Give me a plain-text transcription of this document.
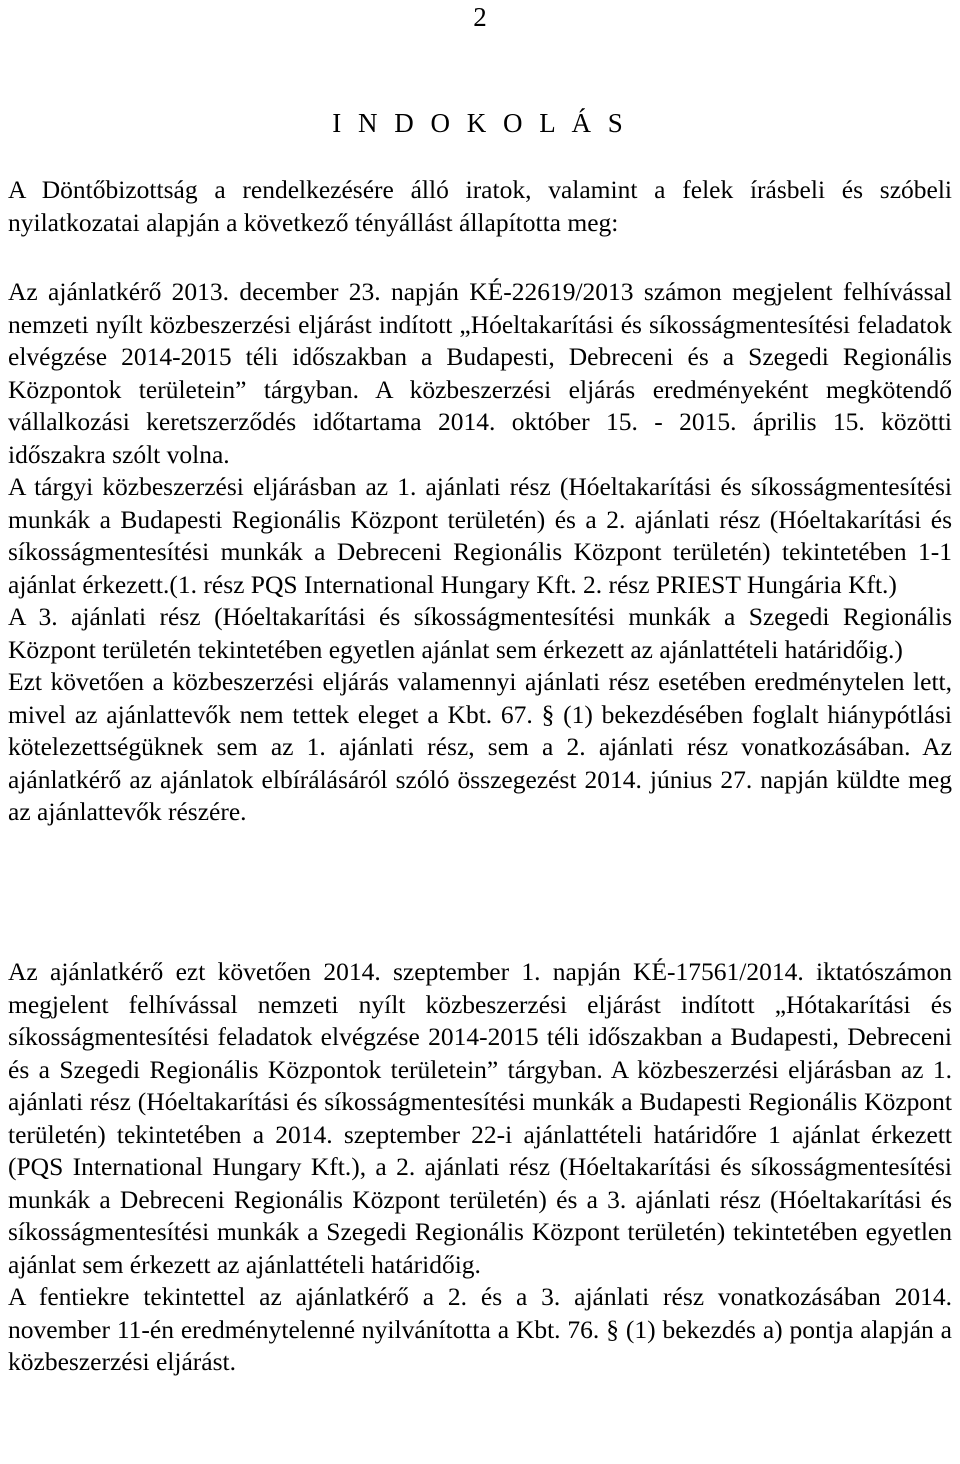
2
I N D O K O L Á S

A Döntőbizottság a rendelkezésére álló iratok, valamint a felek írásbeli és szóbeli nyilatkozatai alapján a következő tényállást állapította meg:

Az ajánlatkérő 2013. december 23. napján KÉ-22619/2013 számon megjelent felhívással nemzeti nyílt közbeszerzési eljárást indított „Hóeltakarítási és síkosságmentesítési feladatok elvégzése 2014-2015 téli időszakban a Budapesti, Debreceni és a Szegedi Regionális Központok területein” tárgyban. A közbeszerzési eljárás eredményeként megkötendő vállalkozási keretszerződés időtartama 2014. október 15. - 2015. április 15. közötti időszakra szólt volna.

A tárgyi közbeszerzési eljárásban az 1. ajánlati rész (Hóeltakarítási és síkosságmentesítési munkák a Budapesti Regionális Központ területén) és a 2. ajánlati rész (Hóeltakarítási és síkosságmentesítési munkák a Debreceni Regionális Központ területén) tekintetében 1-1 ajánlat érkezett.(1. rész PQS International Hungary Kft. 2. rész PRIEST Hungária Kft.)

A 3. ajánlati rész (Hóeltakarítási és síkosságmentesítési munkák a Szegedi Regionális Központ területén tekintetében egyetlen ajánlat sem érkezett az ajánlattételi határidőig.)

Ezt követően a közbeszerzési eljárás valamennyi ajánlati rész esetében eredménytelen lett, mivel az ajánlattevők nem tettek eleget a Kbt. 67. § (1) bekezdésében foglalt hiánypótlási kötelezettségüknek sem az 1. ajánlati rész, sem a 2. ajánlati rész vonatkozásában. Az ajánlatkérő az ajánlatok elbírálásáról szóló összegezést 2014. június 27. napján küldte meg az ajánlattevők részére.

Az ajánlatkérő ezt követően 2014. szeptember 1. napján KÉ-17561/2014. iktatószámon megjelent felhívással nemzeti nyílt közbeszerzési eljárást indított „Hótakarítási és síkosságmentesítési feladatok elvégzése 2014-2015 téli időszakban a Budapesti, Debreceni és a Szegedi Regionális Központok területein” tárgyban. A közbeszerzési eljárásban az 1. ajánlati rész (Hóeltakarítási és síkosságmentesítési munkák a Budapesti Regionális Központ területén) tekintetében a 2014. szeptember 22-i ajánlattételi határidőre 1 ajánlat érkezett (PQS International Hungary Kft.), a 2. ajánlati rész (Hóeltakarítási és síkosságmentesítési munkák a Debreceni Regionális Központ területén) és a 3. ajánlati rész (Hóeltakarítási és síkosságmentesítési munkák a Szegedi Regionális Központ területén) tekintetében egyetlen ajánlat sem érkezett az ajánlattételi határidőig.

A fentiekre tekintettel az ajánlatkérő a 2. és a 3. ajánlati rész vonatkozásában 2014. november 11-én eredménytelenné nyilvánította a Kbt. 76. § (1) bekezdés a) pontja alapján a közbeszerzési eljárást.
